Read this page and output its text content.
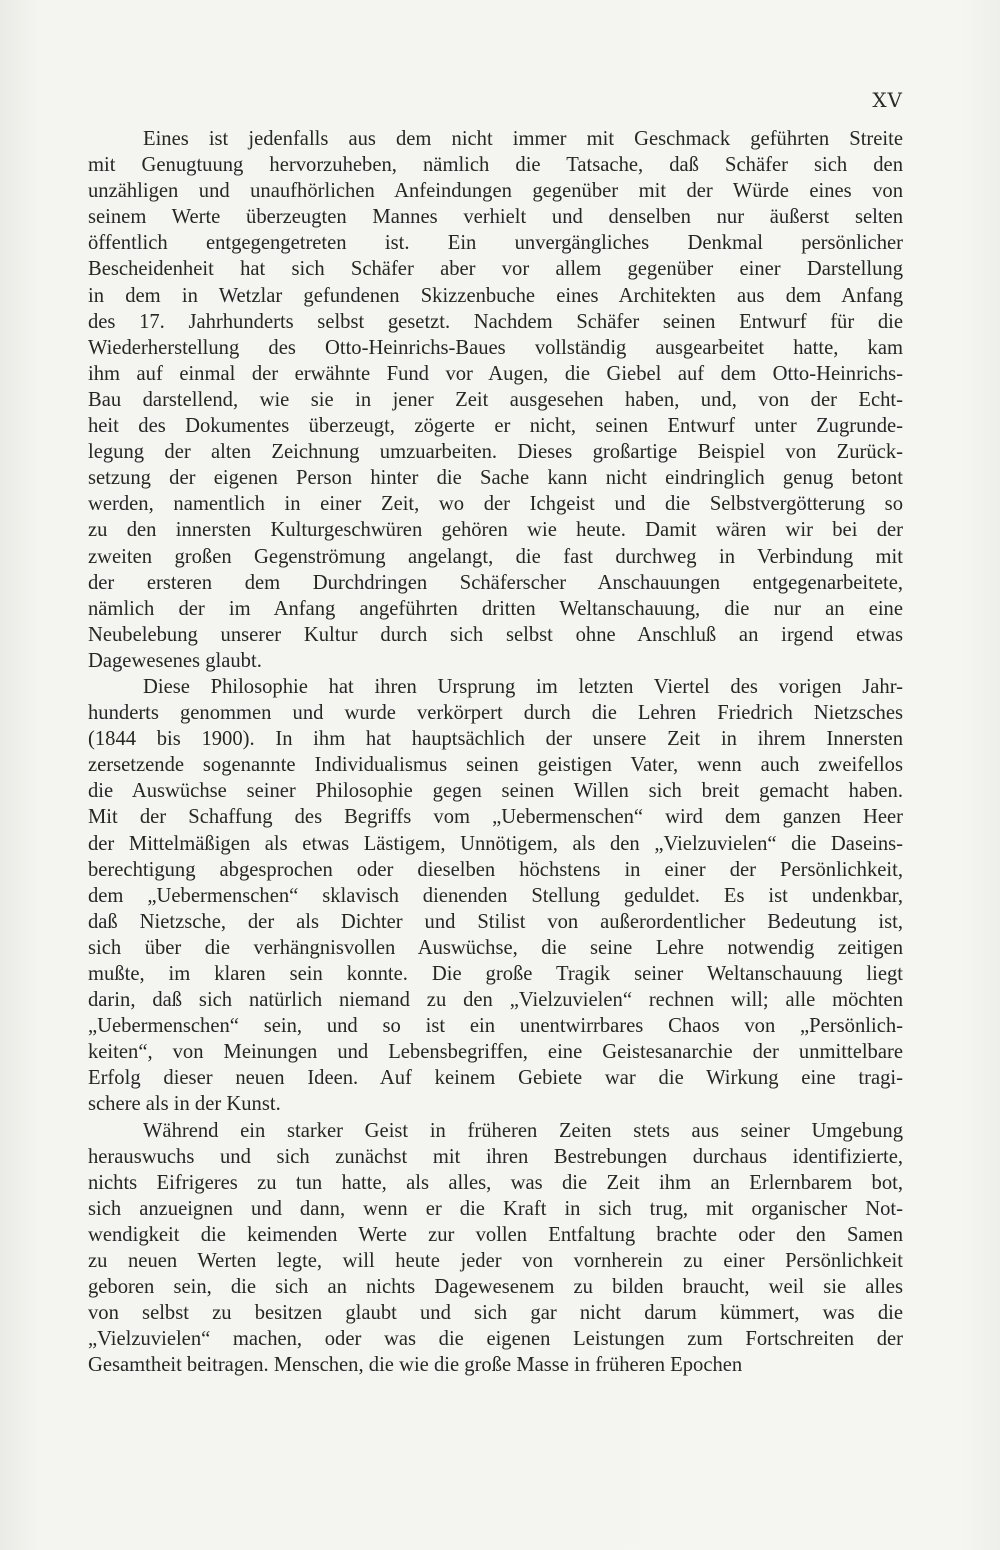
XV
Eines ist jedenfalls aus dem nicht immer mit Geschmack geführten Streite
mit Genugtuung hervorzuheben, nämlich die Tatsache, daß Schäfer sich den
unzähligen und unaufhörlichen Anfeindungen gegenüber mit der Würde eines von
seinem Werte überzeugten Mannes verhielt und denselben nur äußerst selten
öffentlich entgegengetreten ist. Ein unvergängliches Denkmal persönlicher
Bescheidenheit hat sich Schäfer aber vor allem gegenüber einer Darstellung
in dem in Wetzlar gefundenen Skizzenbuche eines Architekten aus dem Anfang
des 17. Jahrhunderts selbst gesetzt. Nachdem Schäfer seinen Entwurf für die
Wiederherstellung des Otto-Heinrichs-Baues vollständig ausgearbeitet hatte, kam
ihm auf einmal der erwähnte Fund vor Augen, die Giebel auf dem Otto-Heinrichs-
Bau darstellend, wie sie in jener Zeit ausgesehen haben, und, von der Echt-
heit des Dokumentes überzeugt, zögerte er nicht, seinen Entwurf unter Zugrunde-
legung der alten Zeichnung umzuarbeiten. Dieses großartige Beispiel von Zurück-
setzung der eigenen Person hinter die Sache kann nicht eindringlich genug betont
werden, namentlich in einer Zeit, wo der Ichgeist und die Selbstvergötterung so
zu den innersten Kulturgeschwüren gehören wie heute. Damit wären wir bei der
zweiten großen Gegenströmung angelangt, die fast durchweg in Verbindung mit
der ersteren dem Durchdringen Schäferscher Anschauungen entgegenarbeitete,
nämlich der im Anfang angeführten dritten Weltanschauung, die nur an eine
Neubelebung unserer Kultur durch sich selbst ohne Anschluß an irgend etwas
Dagewesenes glaubt.
Diese Philosophie hat ihren Ursprung im letzten Viertel des vorigen Jahr-
hunderts genommen und wurde verkörpert durch die Lehren Friedrich Nietzsches
(1844 bis 1900). In ihm hat hauptsächlich der unsere Zeit in ihrem Innersten
zersetzende sogenannte Individualismus seinen geistigen Vater, wenn auch zweifellos
die Auswüchse seiner Philosophie gegen seinen Willen sich breit gemacht haben.
Mit der Schaffung des Begriffs vom „Uebermenschen“ wird dem ganzen Heer
der Mittelmäßigen als etwas Lästigem, Unnötigem, als den „Vielzuvielen“ die Daseins-
berechtigung abgesprochen oder dieselben höchstens in einer der Persönlichkeit,
dem „Uebermenschen“ sklavisch dienenden Stellung geduldet. Es ist undenkbar,
daß Nietzsche, der als Dichter und Stilist von außerordentlicher Bedeutung ist,
sich über die verhängnisvollen Auswüchse, die seine Lehre notwendig zeitigen
mußte, im klaren sein konnte. Die große Tragik seiner Weltanschauung liegt
darin, daß sich natürlich niemand zu den „Vielzuvielen“ rechnen will; alle möchten
„Uebermenschen“ sein, und so ist ein unentwirrbares Chaos von „Persönlich-
keiten“, von Meinungen und Lebensbegriffen, eine Geistesanarchie der unmittelbare
Erfolg dieser neuen Ideen. Auf keinem Gebiete war die Wirkung eine tragi-
schere als in der Kunst.
Während ein starker Geist in früheren Zeiten stets aus seiner Umgebung
herauswuchs und sich zunächst mit ihren Bestrebungen durchaus identifizierte,
nichts Eifrigeres zu tun hatte, als alles, was die Zeit ihm an Erlernbarem bot,
sich anzueignen und dann, wenn er die Kraft in sich trug, mit organischer Not-
wendigkeit die keimenden Werte zur vollen Entfaltung brachte oder den Samen
zu neuen Werten legte, will heute jeder von vornherein zu einer Persönlichkeit
geboren sein, die sich an nichts Dagewesenem zu bilden braucht, weil sie alles
von selbst zu besitzen glaubt und sich gar nicht darum kümmert, was die
„Vielzuvielen“ machen, oder was die eigenen Leistungen zum Fortschreiten der
Gesamtheit beitragen. Menschen, die wie die große Masse in früheren Epochen
